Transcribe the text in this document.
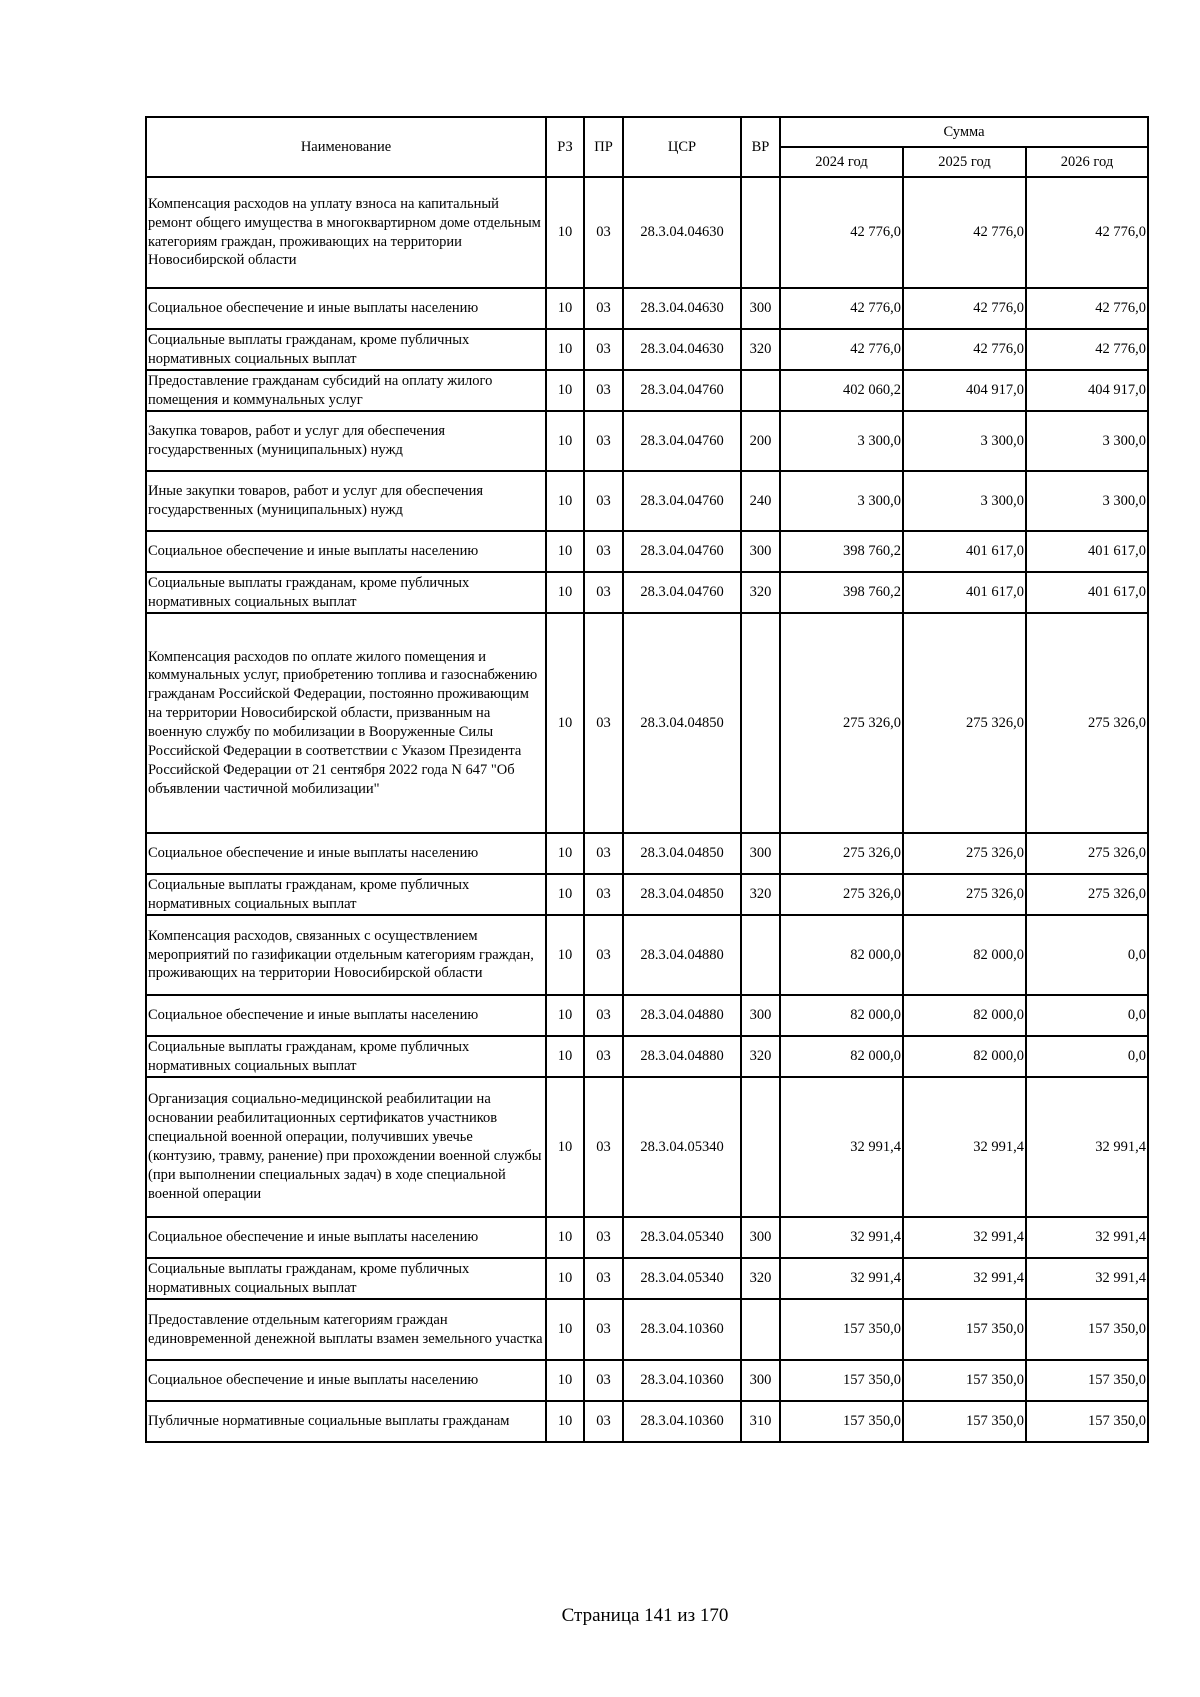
Наименование	РЗ	ПР	ЦСР	ВР	Сумма		
					2024 год	2025 год	2026 год
Компенсация расходов на уплату взноса на капитальный ремонт общего имущества в многоквартирном доме отдельным категориям граждан, проживающих на территории Новосибирской области	10	03	28.3.04.04630		42 776,0	42 776,0	42 776,0
Социальное обеспечение и иные выплаты населению	10	03	28.3.04.04630	300	42 776,0	42 776,0	42 776,0
Социальные выплаты гражданам, кроме публичных нормативных социальных выплат	10	03	28.3.04.04630	320	42 776,0	42 776,0	42 776,0
Предоставление гражданам субсидий на оплату жилого помещения и коммунальных услуг	10	03	28.3.04.04760		402 060,2	404 917,0	404 917,0
Закупка товаров, работ и услуг для обеспечения государственных (муниципальных) нужд	10	03	28.3.04.04760	200	3 300,0	3 300,0	3 300,0
Иные закупки товаров, работ и услуг для обеспечения государственных (муниципальных) нужд	10	03	28.3.04.04760	240	3 300,0	3 300,0	3 300,0
Социальное обеспечение и иные выплаты населению	10	03	28.3.04.04760	300	398 760,2	401 617,0	401 617,0
Социальные выплаты гражданам, кроме публичных нормативных социальных выплат	10	03	28.3.04.04760	320	398 760,2	401 617,0	401 617,0
Компенсация расходов по оплате жилого помещения и коммунальных услуг, приобретению топлива и газоснабжению гражданам Российской Федерации, постоянно проживающим на территории Новосибирской области, призванным на военную службу по мобилизации в Вооруженные Силы Российской Федерации в соответствии с Указом Президента Российской Федерации от 21 сентября 2022 года N 647 "Об объявлении частичной мобилизации"	10	03	28.3.04.04850		275 326,0	275 326,0	275 326,0
Социальное обеспечение и иные выплаты населению	10	03	28.3.04.04850	300	275 326,0	275 326,0	275 326,0
Социальные выплаты гражданам, кроме публичных нормативных социальных выплат	10	03	28.3.04.04850	320	275 326,0	275 326,0	275 326,0
Компенсация расходов, связанных с осуществлением мероприятий по газификации отдельным категориям граждан, проживающих на территории Новосибирской области	10	03	28.3.04.04880		82 000,0	82 000,0	0,0
Социальное обеспечение и иные выплаты населению	10	03	28.3.04.04880	300	82 000,0	82 000,0	0,0
Социальные выплаты гражданам, кроме публичных нормативных социальных выплат	10	03	28.3.04.04880	320	82 000,0	82 000,0	0,0
Организация социально-медицинской реабилитации на основании реабилитационных сертификатов участников специальной военной операции, получивших увечье (контузию, травму, ранение) при прохождении военной службы (при выполнении специальных задач) в ходе специальной военной операции	10	03	28.3.04.05340		32 991,4	32 991,4	32 991,4
Социальное обеспечение и иные выплаты населению	10	03	28.3.04.05340	300	32 991,4	32 991,4	32 991,4
Социальные выплаты гражданам, кроме публичных нормативных социальных выплат	10	03	28.3.04.05340	320	32 991,4	32 991,4	32 991,4
Предоставление отдельным категориям граждан единовременной денежной выплаты взамен земельного участка	10	03	28.3.04.10360		157 350,0	157 350,0	157 350,0
Социальное обеспечение и иные выплаты населению	10	03	28.3.04.10360	300	157 350,0	157 350,0	157 350,0
Публичные нормативные социальные выплаты гражданам	10	03	28.3.04.10360	310	157 350,0	157 350,0	157 350,0
Страница 141 из 170
